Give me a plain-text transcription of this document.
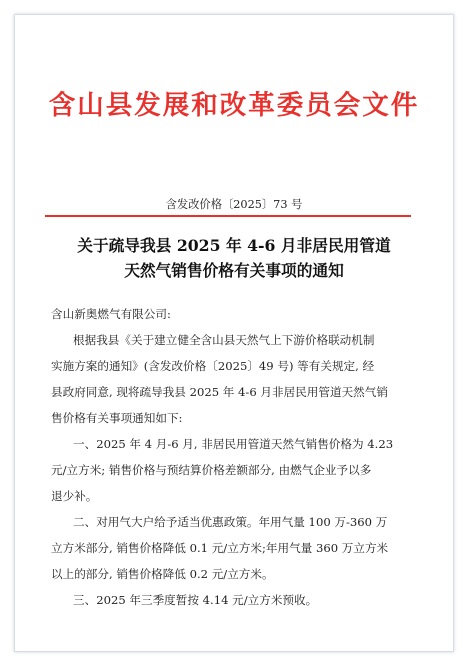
含山县发展和改革委员会文件
含发改价格〔2025〕73 号
关于疏导我县 2025 年 4-6 月非居民用管道
天然气销售价格有关事项的通知
含山新奥燃气有限公司:
根据我县《关于建立健全含山县天然气上下游价格联动机制
实施方案的通知》(含发改价格〔2025〕49 号) 等有关规定, 经
县政府同意, 现将疏导我县 2025 年 4-6 月非居民用管道天然气销
售价格有关事项通知如下:
一、2025 年 4 月-6 月, 非居民用管道天然气销售价格为 4.23
元/立方米; 销售价格与预结算价格差额部分, 由燃气企业予以多
退少补。
二、对用气大户给予适当优惠政策。年用气量 100 万-360 万
立方米部分, 销售价格降低 0.1 元/立方米;年用气量 360 万立方米
以上的部分, 销售价格降低 0.2 元/立方米。
三、2025 年三季度暂按 4.14 元/立方米预收。
